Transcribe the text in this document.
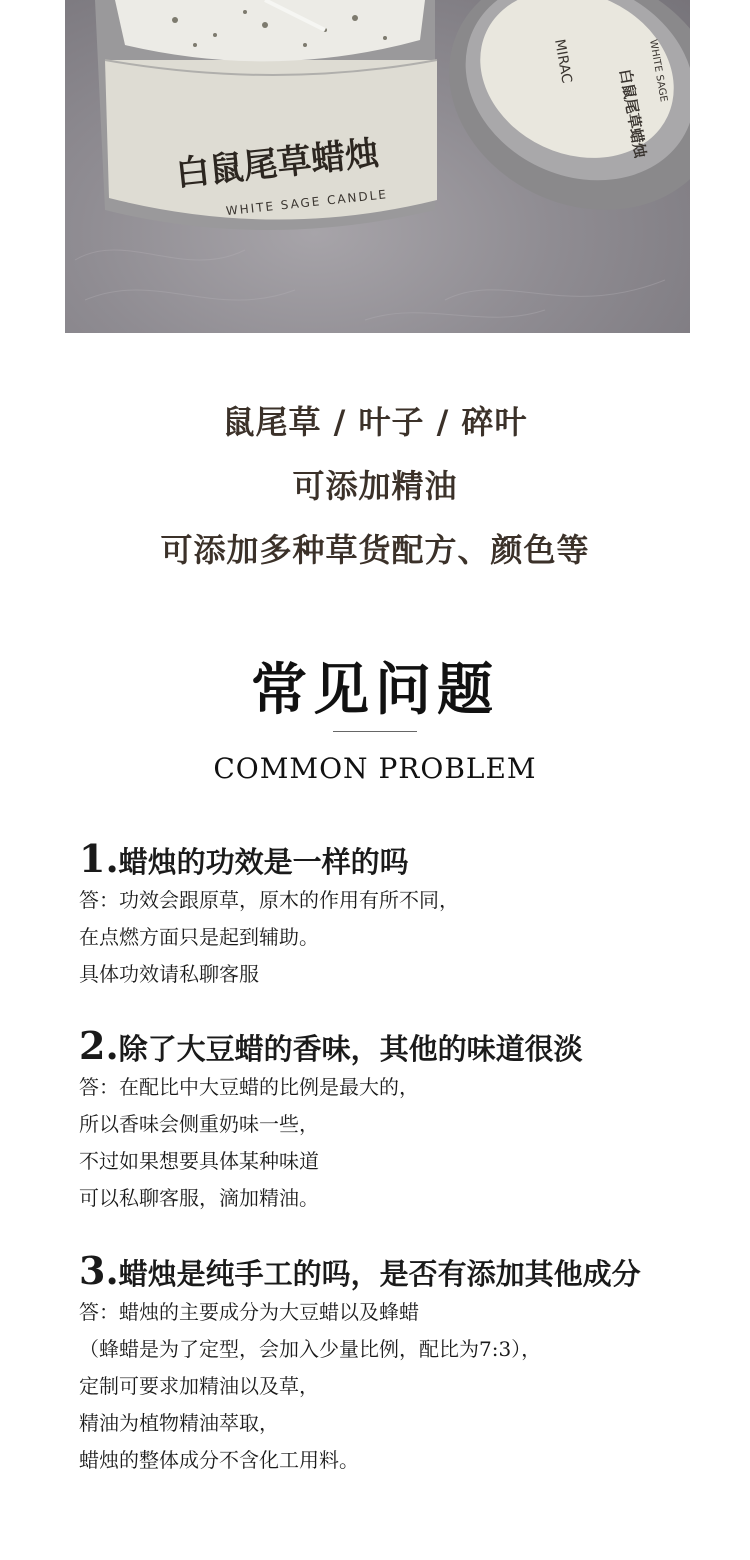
白鼠尾草蜡烛
WHITE SAGE CANDLE
MIRAC
白鼠尾草蜡烛
WHITE SAGE
鼠尾草 / 叶子 / 碎叶
可添加精油
可添加多种草货配方、颜色等
常见问题
COMMON PROBLEM
1.蜡烛的功效是一样的吗
答：功效会跟原草，原木的作用有所不同，
在点燃方面只是起到辅助。
具体功效请私聊客服
2.除了大豆蜡的香味，其他的味道很淡
答：在配比中大豆蜡的比例是最大的，
所以香味会侧重奶味一些，
不过如果想要具体某种味道
可以私聊客服，滴加精油。
3.蜡烛是纯手工的吗，是否有添加其他成分
答：蜡烛的主要成分为大豆蜡以及蜂蜡
（蜂蜡是为了定型，会加入少量比例，配比为7:3），
定制可要求加精油以及草，
精油为植物精油萃取，
蜡烛的整体成分不含化工用料。
